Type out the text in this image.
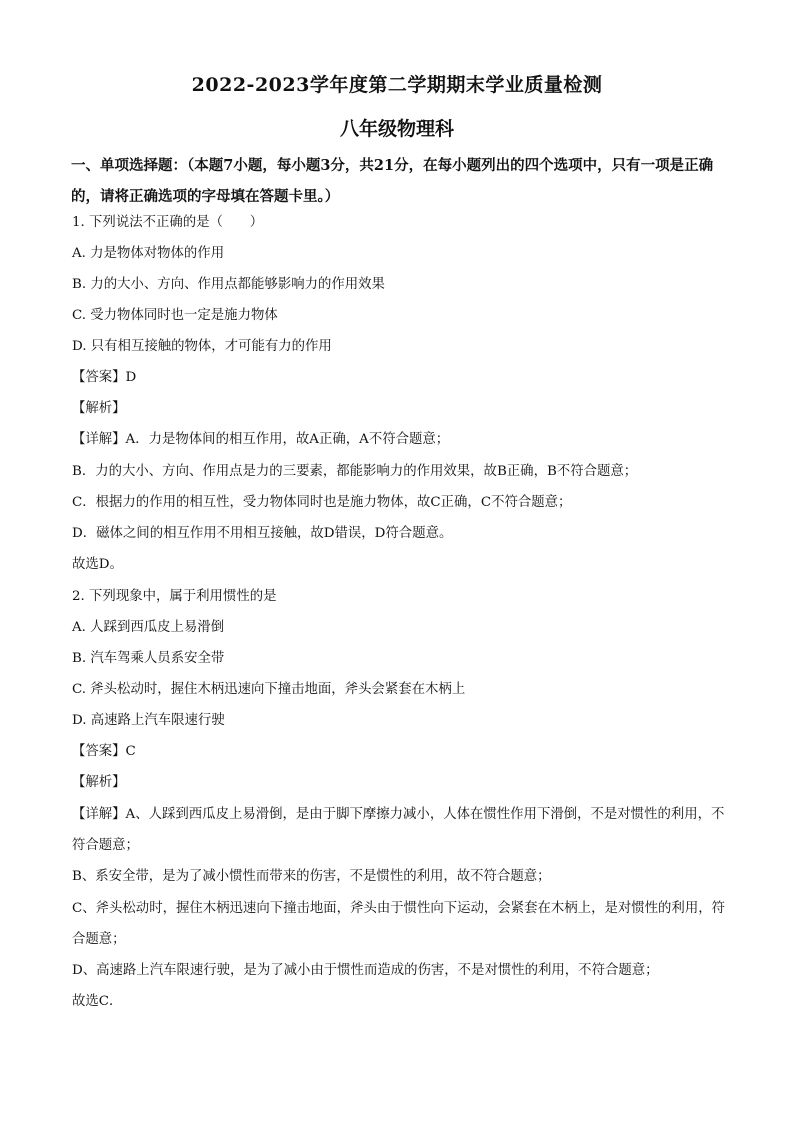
2022-2023学年度第二学期期末学业质量检测
八年级物理科

一、单项选择题：（本题7小题，每小题3分，共21分，在每小题列出的四个选项中，只有一项是正确的，请将正确选项的字母填在答题卡里。）

1. 下列说法不正确的是（　　）

A. 力是物体对物体的作用

B. 力的大小、方向、作用点都能够影响力的作用效果

C. 受力物体同时也一定是施力物体

D. 只有相互接触的物体，才可能有力的作用

【答案】D

【解析】

【详解】A．力是物体间的相互作用，故A正确，A不符合题意；

B．力的大小、方向、作用点是力的三要素，都能影响力的作用效果，故B正确，B不符合题意；

C．根据力的作用的相互性，受力物体同时也是施力物体，故C正确，C不符合题意；

D．磁体之间的相互作用不用相互接触，故D错误，D符合题意。

故选D。

2. 下列现象中，属于利用惯性的是

A. 人踩到西瓜皮上易滑倒

B. 汽车驾乘人员系安全带

C. 斧头松动时，握住木柄迅速向下撞击地面，斧头会紧套在木柄上

D. 高速路上汽车限速行驶

【答案】C

【解析】

【详解】A、人踩到西瓜皮上易滑倒，是由于脚下摩擦力减小，人体在惯性作用下滑倒，不是对惯性的利用，不符合题意；

B、系安全带，是为了减小惯性而带来的伤害，不是惯性的利用，故不符合题意；

C、斧头松动时，握住木柄迅速向下撞击地面，斧头由于惯性向下运动，会紧套在木柄上，是对惯性的利用，符合题意；

D、高速路上汽车限速行驶，是为了减小由于惯性而造成的伤害，不是对惯性的利用，不符合题意；

故选C．
